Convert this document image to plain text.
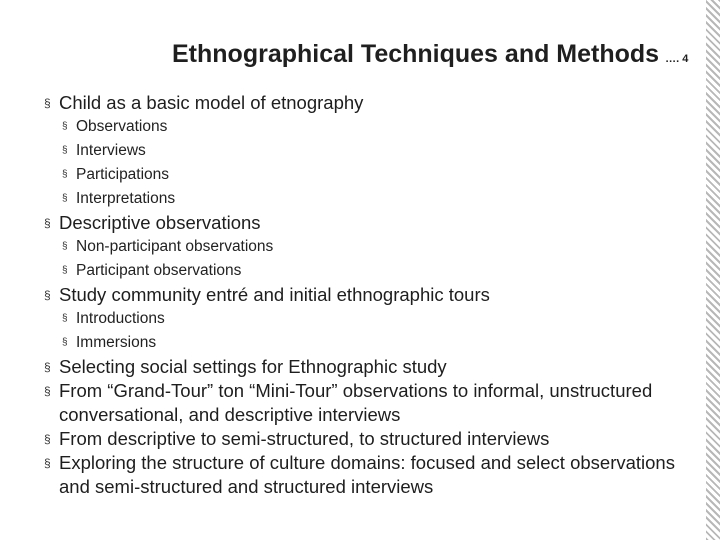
Ethnographical Techniques and Methods …. 4
§ Child as a basic model of etnography
§ Observations
§ Interviews
§ Participations
§ Interpretations
§ Descriptive observations
§ Non-participant observations
§ Participant observations
§ Study community entré and initial ethnographic tours
§ Introductions
§ Immersions
§ Selecting social settings for Ethnographic study
§ From “Grand-Tour” ton “Mini-Tour” observations to informal, unstructured conversational, and descriptive interviews
§ From descriptive to semi-structured, to structured interviews
§ Exploring the structure of culture domains: focused and select observations and semi‑structured and structured interviews
